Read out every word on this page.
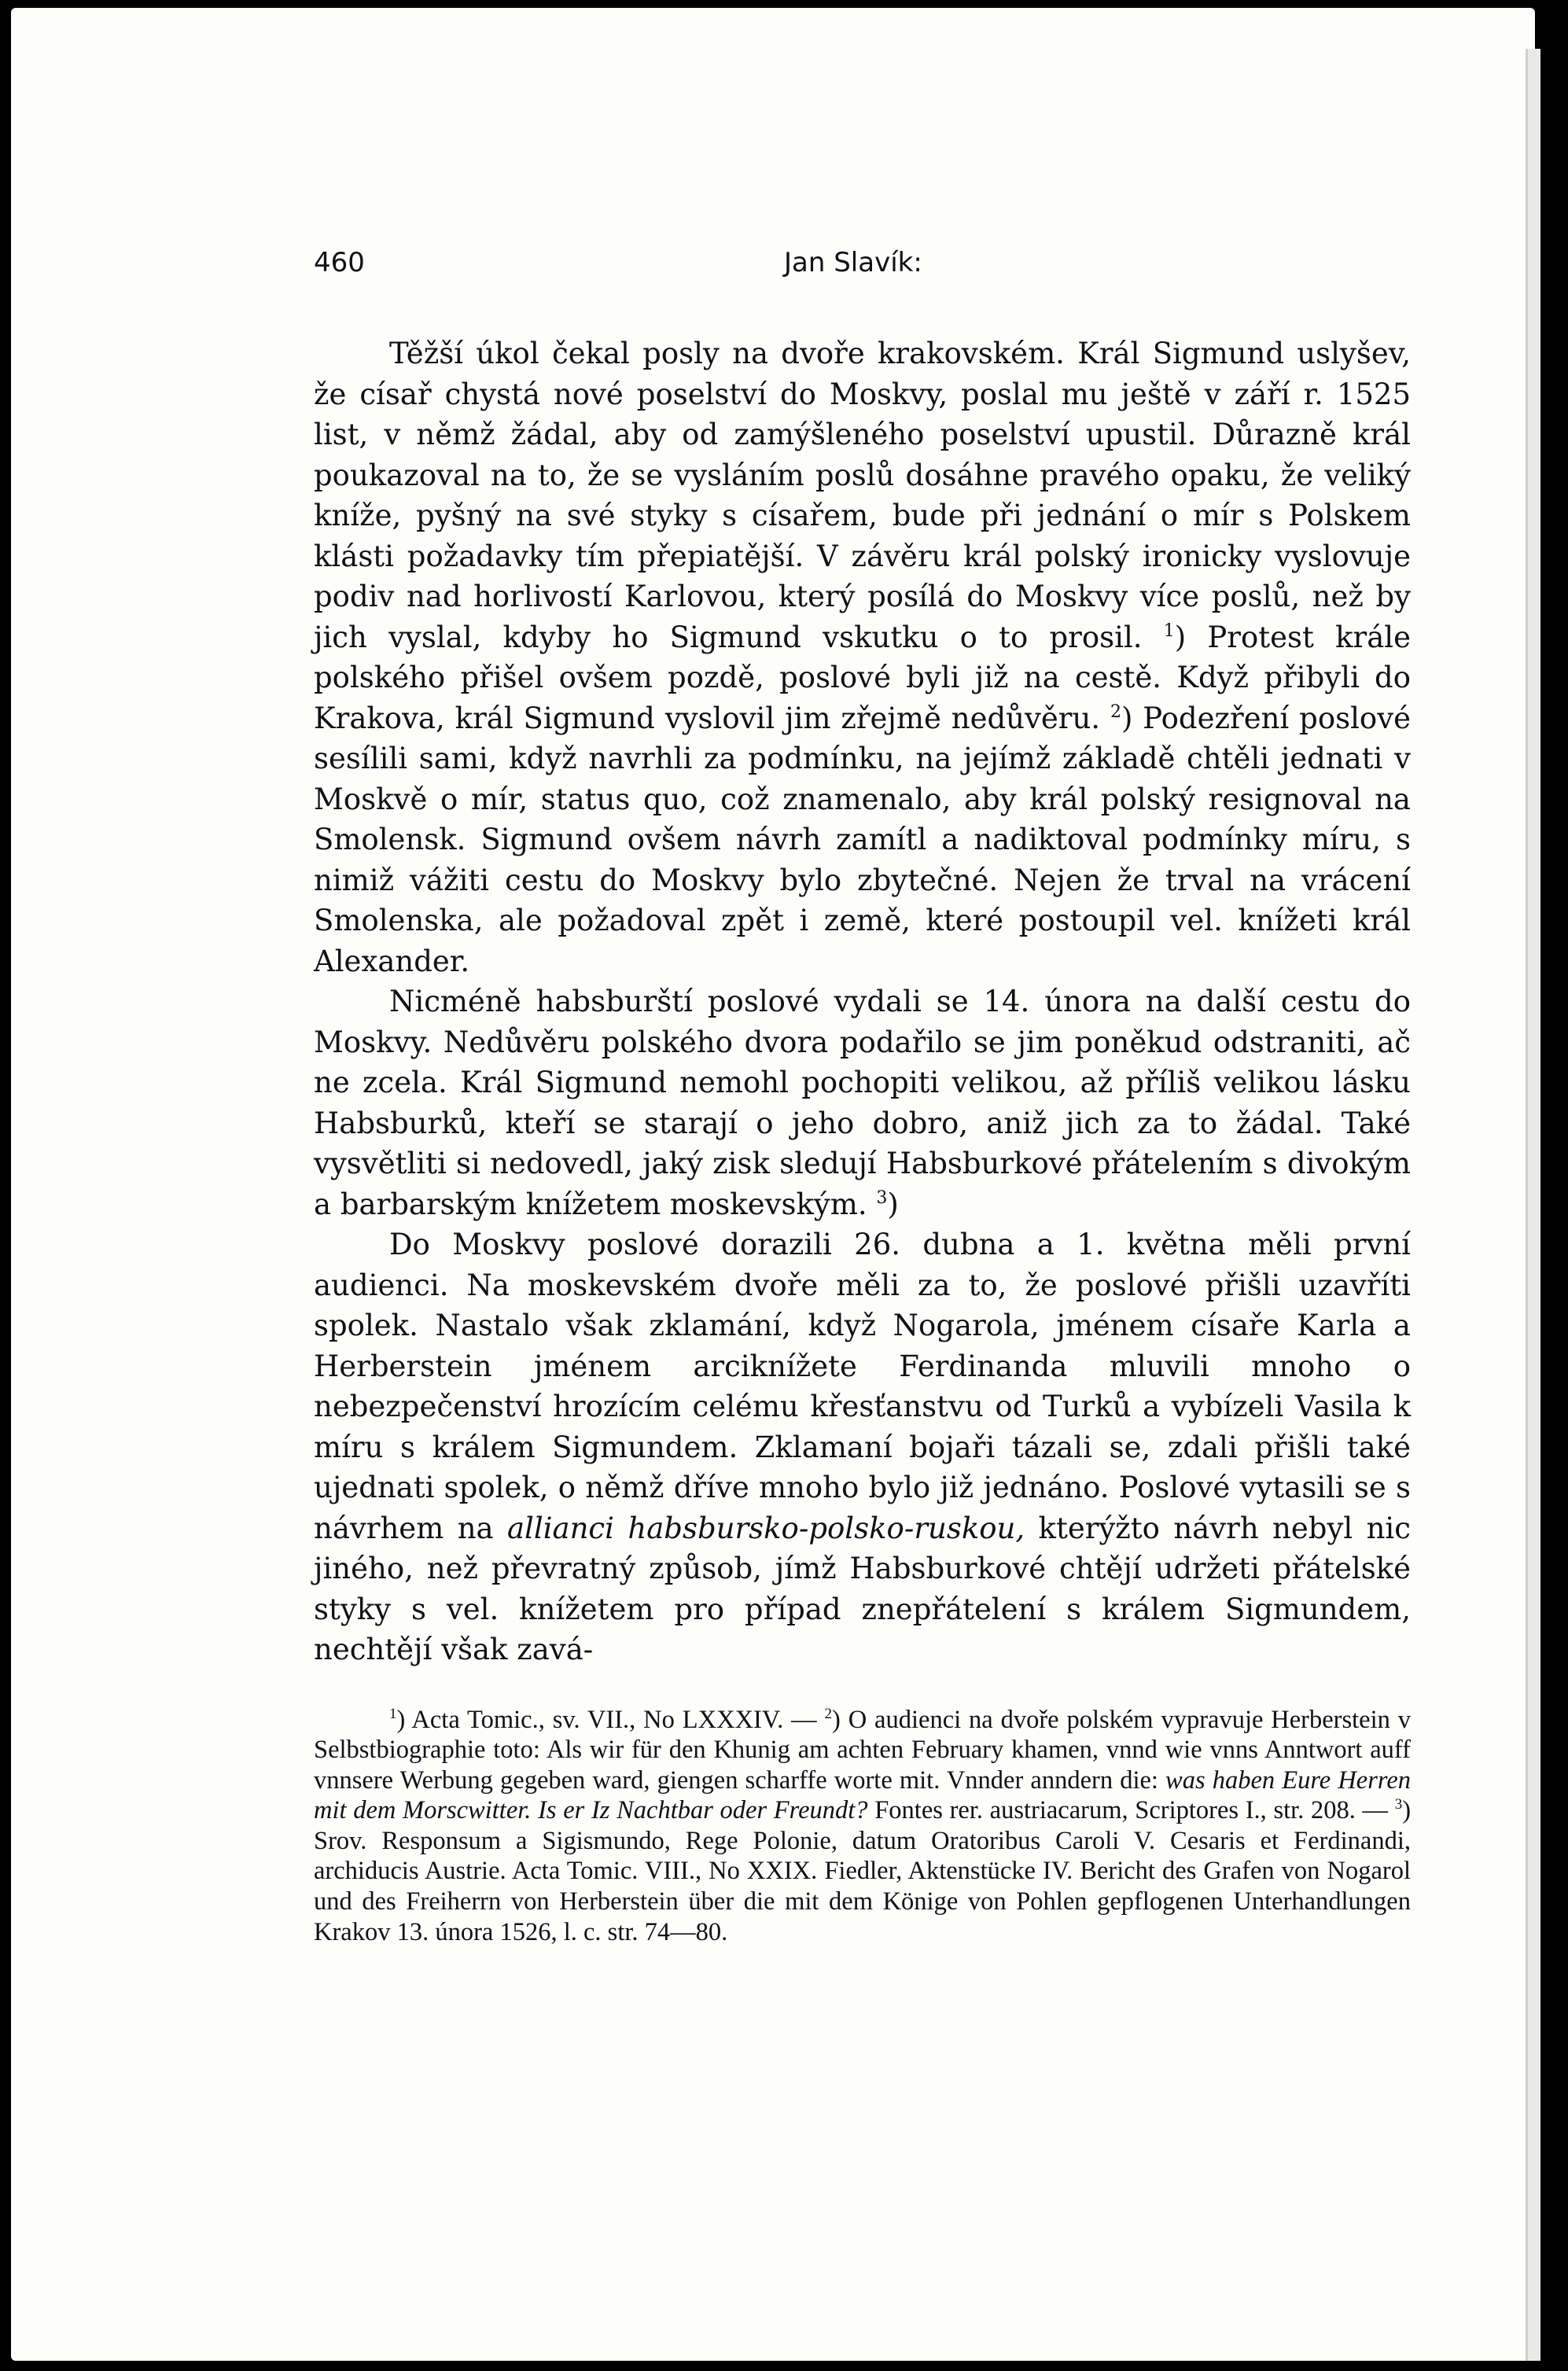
460	Jan Slavík:

Těžší úkol čekal posly na dvoře krakovském. Král Sigmund uslyšev, že císař chystá nové poselství do Moskvy, poslal mu ještě v září r. 1525 list, v němž žádal, aby od zamýšleného poselství upustil. Důrazně král poukazoval na to, že se vysláním poslů dosáhne pravého opaku, že veliký kníže, pyšný na své styky s císařem, bude při jednání o mír s Polskem klásti požadavky tím přepiatější. V závěru král polský ironicky vyslovuje podiv nad horlivostí Karlovou, který posílá do Moskvy více poslů, než by jich vyslal, kdyby ho Sigmund vskutku o to prosil. $^1$) Protest krále polského přišel ovšem pozdě, poslové byli již na cestě. Když přibyli do Krakova, král Sigmund vyslovil jim zřejmě nedůvěru. $^2$) Podezření poslové sesílili sami, když navrhli za podmínku, na jejímž základě chtěli jednati v Moskvě o mír, status quo, což znamenalo, aby král polský resignoval na Smolensk. Sigmund ovšem návrh zamítl a nadiktoval podmínky míru, s nimiž vážiti cestu do Moskvy bylo zbytečné. Nejen že trval na vrácení Smolenska, ale požadoval zpět i země, které postoupil vel. knížeti král Alexander.

Nicméně habsburští poslové vydali se 14. února na další cestu do Moskvy. Nedůvěru polského dvora podařilo se jim poněkud odstraniti, ač ne zcela. Král Sigmund nemohl pochopiti velikou, až příliš velikou lásku Habsburků, kteří se starají o jeho dobro, aniž jich za to žádal. Také vysvětliti si nedovedl, jaký zisk sledují Habsburkové přátelením s divokým a barbarským knížetem moskevským. $^3$)

Do Moskvy poslové dorazili 26. dubna a 1. května měli první audienci. Na moskevském dvoře měli za to, že poslové přišli uzavříti spolek. Nastalo však zklamání, když Nogarola, jménem císaře Karla a Herberstein jménem arciknížete Ferdinanda mluvili mnoho o nebezpečenství hrozícím celému křesťanstvu od Turků a vybízeli Vasila k míru s králem Sigmundem. Zklamaní bojaři tázali se, zdali přišli také ujednati spolek, o němž dříve mnoho bylo již jednáno. Poslové vytasili se s návrhem na allianci habsbursko-polsko-ruskou, kterýžto návrh nebyl nic jiného, než převratný způsob, jímž Habsburkové chtějí udržeti přátelské styky s vel. knížetem pro případ znepřátelení s králem Sigmundem, nechtějí však zavá-

$^1$) Acta Tomic., sv. VII., No LXXXIV. — $^2$) O audienci na dvoře polském vypravuje Herberstein v Selbstbiographie toto: Als wir für den Khunig am achten February khamen, vnnd wie vnns Anntwort auff vnnsere Werbung gegeben ward, giengen scharffe worte mit. Vnnder anndern die: was haben Eure Herren mit dem Morscwitter. Is er Iz Nachtbar oder Freundt? Fontes rer. austriacarum, Scriptores I., str. 208. — $^3$) Srov. Responsum a Sigismundo, Rege Polonie, datum Oratoribus Caroli V. Cesaris et Ferdinandi, archiducis Austrie. Acta Tomic. VIII., No XXIX. Fiedler, Aktenstücke IV. Bericht des Grafen von Nogarol und des Freiherrn von Herberstein über die mit dem Könige von Pohlen gepflogenen Unterhandlungen Krakov 13. února 1526, l. c. str. 74—80.
